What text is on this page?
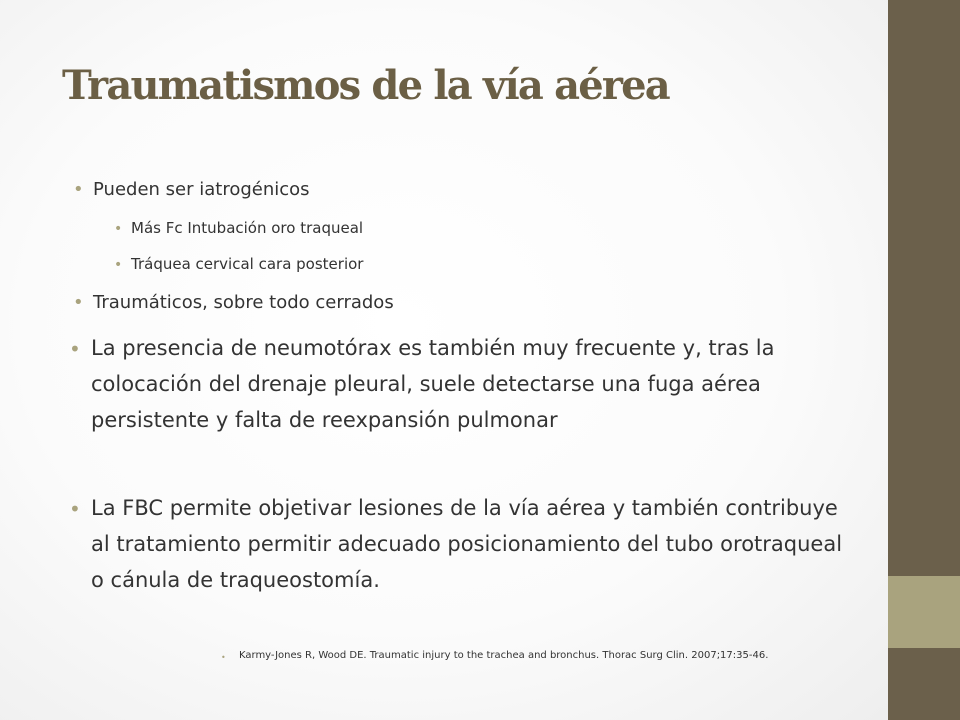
Traumatismos de la vía aérea
• Pueden ser iatrogénicos
• Más Fc Intubación oro traqueal
• Tráquea cervical cara posterior
• Traumáticos, sobre todo cerrados
• La presencia de neumotórax es también muy frecuente y, tras la colocación del drenaje pleural, suele detectarse una fuga aérea persistente y falta de reexpansión pulmonar
• La FBC permite objetivar lesiones de la vía aérea y también contribuye al tratamiento permitir adecuado posicionamiento del tubo orotraqueal o cánula de traqueostomía.
• Karmy-Jones R, Wood DE. Traumatic injury to the trachea and bronchus. Thorac Surg Clin. 2007;17:35-46.
